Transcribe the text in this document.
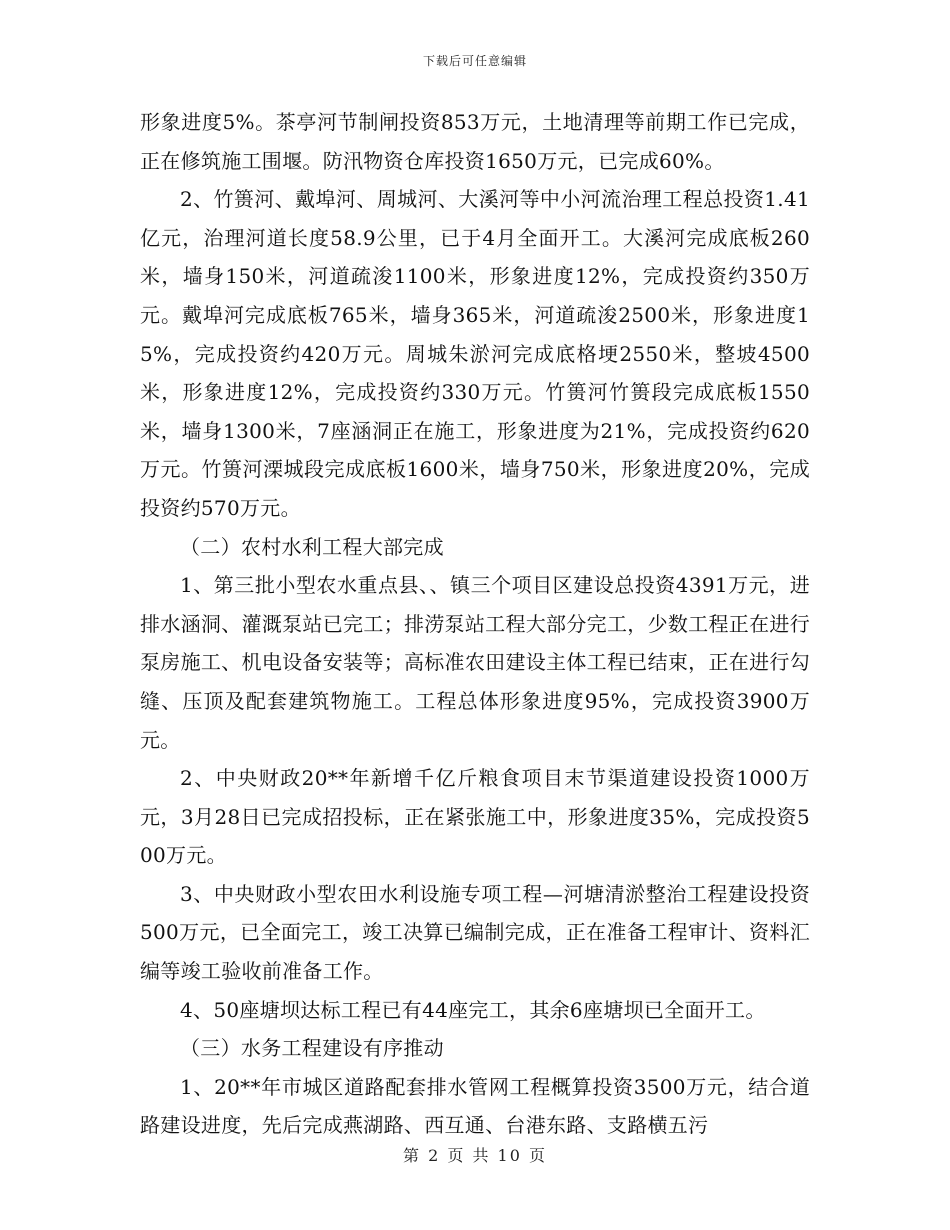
下载后可任意编辑

形象进度5%。茶亭河节制闸投资853万元，土地清理等前期工作已完成，正在修筑施工围堰。防汛物资仓库投资1650万元，已完成60%。

2、竹篑河、戴埠河、周城河、大溪河等中小河流治理工程总投资1.41亿元，治理河道长度58.9公里，已于4月全面开工。大溪河完成底板260米，墙身150米，河道疏浚1100米，形象进度12%，完成投资约350万元。戴埠河完成底板765米，墙身365米，河道疏浚2500米，形象进度15%，完成投资约420万元。周城朱淤河完成底格埂2550米，整坡4500米，形象进度12%，完成投资约330万元。竹篑河竹篑段完成底板1550米，墙身1300米，7座涵洞正在施工，形象进度为21%，完成投资约620万元。竹篑河溧城段完成底板1600米，墙身750米，形象进度20%，完成投资约570万元。

（二）农村水利工程大部完成

1、第三批小型农水重点县、、镇三个项目区建设总投资4391万元，进排水涵洞、灌溉泵站已完工；排涝泵站工程大部分完工，少数工程正在进行泵房施工、机电设备安装等；高标准农田建设主体工程已结束，正在进行勾缝、压顶及配套建筑物施工。工程总体形象进度95%，完成投资3900万元。

2、中央财政20**年新增千亿斤粮食项目末节渠道建设投资1000万元，3月28日已完成招投标，正在紧张施工中，形象进度35%，完成投资500万元。

3、中央财政小型农田水利设施专项工程—河塘清淤整治工程建设投资500万元，已全面完工，竣工决算已编制完成，正在准备工程审计、资料汇编等竣工验收前准备工作。

4、50座塘坝达标工程已有44座完工，其余6座塘坝已全面开工。

（三）水务工程建设有序推动

1、20**年市城区道路配套排水管网工程概算投资3500万元，结合道路建设进度，先后完成燕湖路、西互通、台港东路、支路横五污

第 2 页 共 10 页
